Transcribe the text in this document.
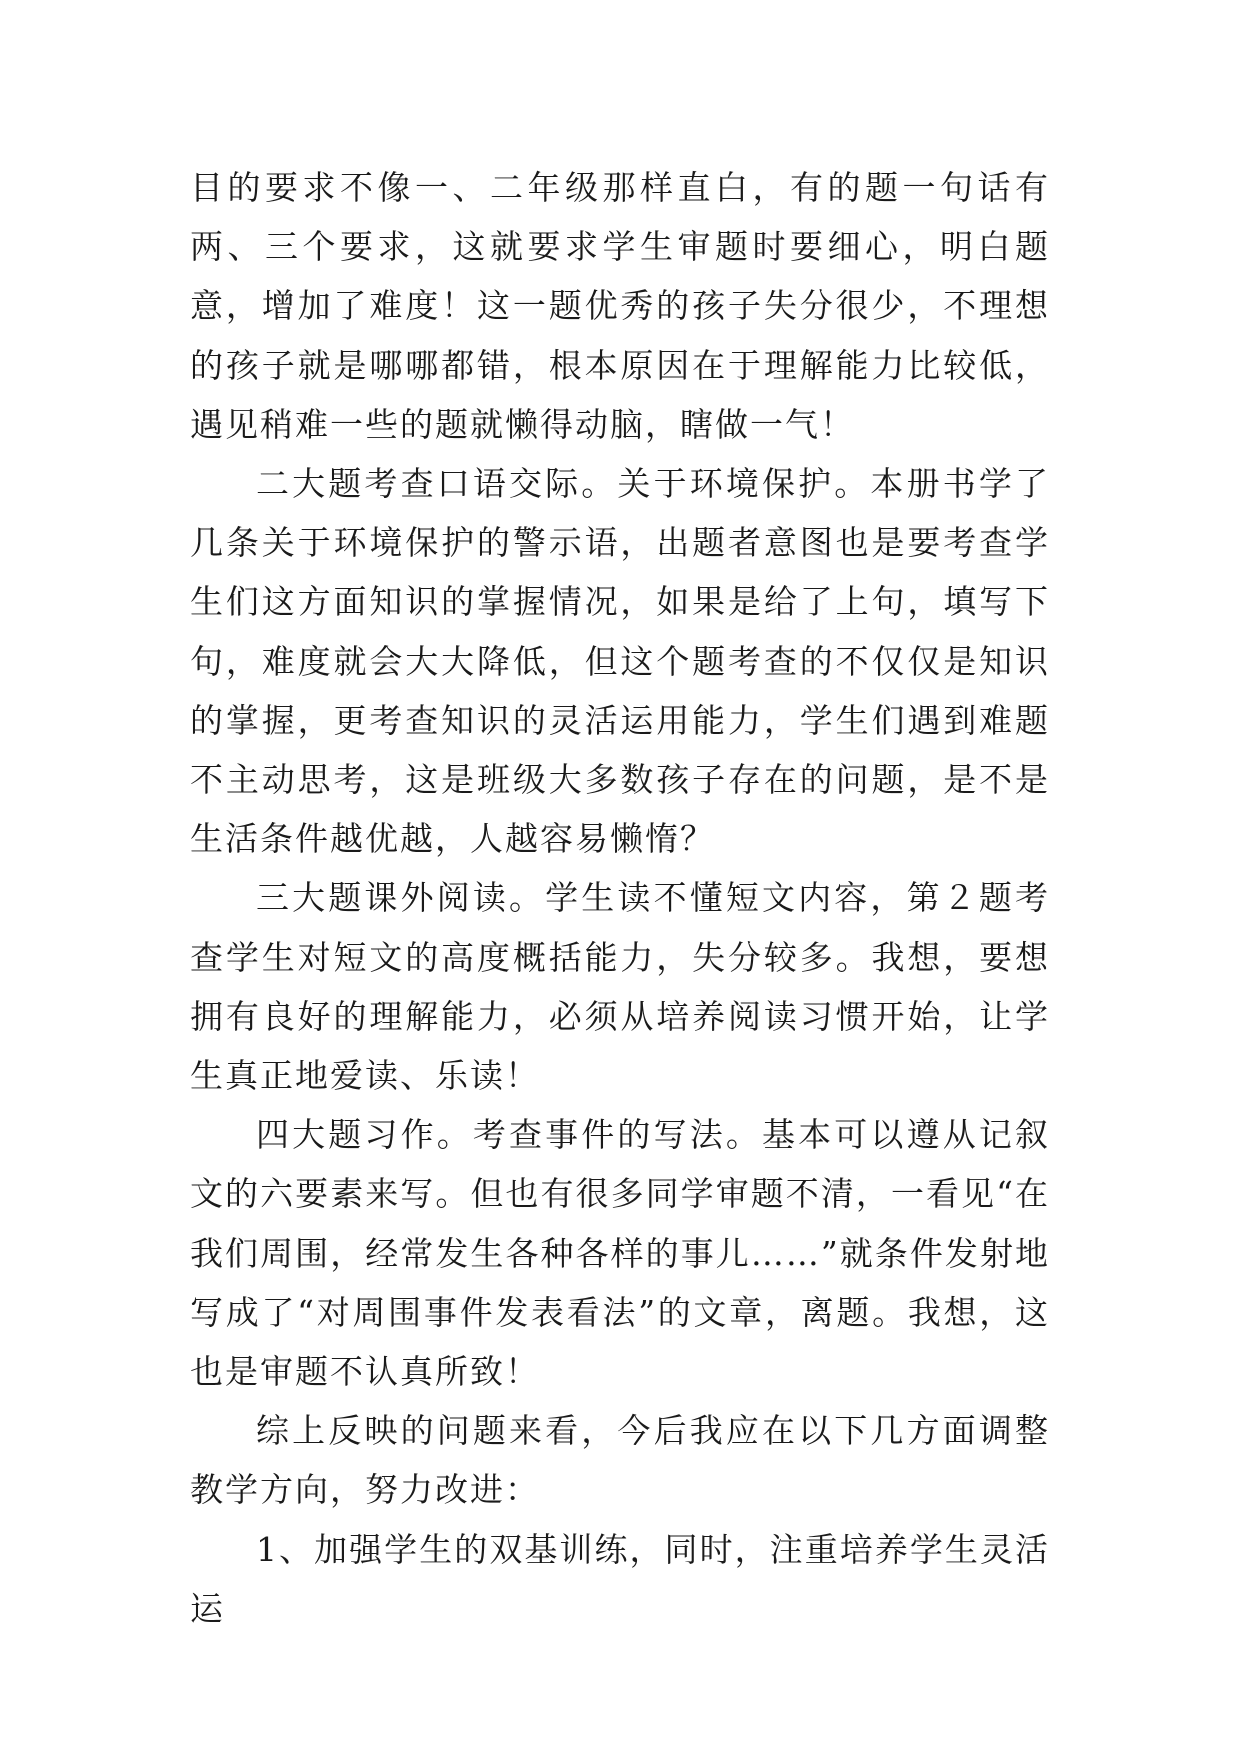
目的要求不像一、二年级那样直白，有的题一句话有两、三个要求，这就要求学生审题时要细心，明白题意，增加了难度！这一题优秀的孩子失分很少，不理想的孩子就是哪哪都错，根本原因在于理解能力比较低，遇见稍难一些的题就懒得动脑，瞎做一气！

二大题考查口语交际。关于环境保护。本册书学了几条关于环境保护的警示语，出题者意图也是要考查学生们这方面知识的掌握情况，如果是给了上句，填写下句，难度就会大大降低，但这个题考查的不仅仅是知识的掌握，更考查知识的灵活运用能力，学生们遇到难题不主动思考，这是班级大多数孩子存在的问题，是不是生活条件越优越，人越容易懒惰？

三大题课外阅读。学生读不懂短文内容，第２题考查学生对短文的高度概括能力，失分较多。我想，要想拥有良好的理解能力，必须从培养阅读习惯开始，让学生真正地爱读、乐读！

四大题习作。考查事件的写法。基本可以遵从记叙文的六要素来写。但也有很多同学审题不清，一看见“在我们周围，经常发生各种各样的事儿……”就条件发射地写成了“对周围事件发表看法”的文章，离题。我想，这也是审题不认真所致！

综上反映的问题来看，今后我应在以下几方面调整教学方向，努力改进：

1、加强学生的双基训练，同时，注重培养学生灵活运
